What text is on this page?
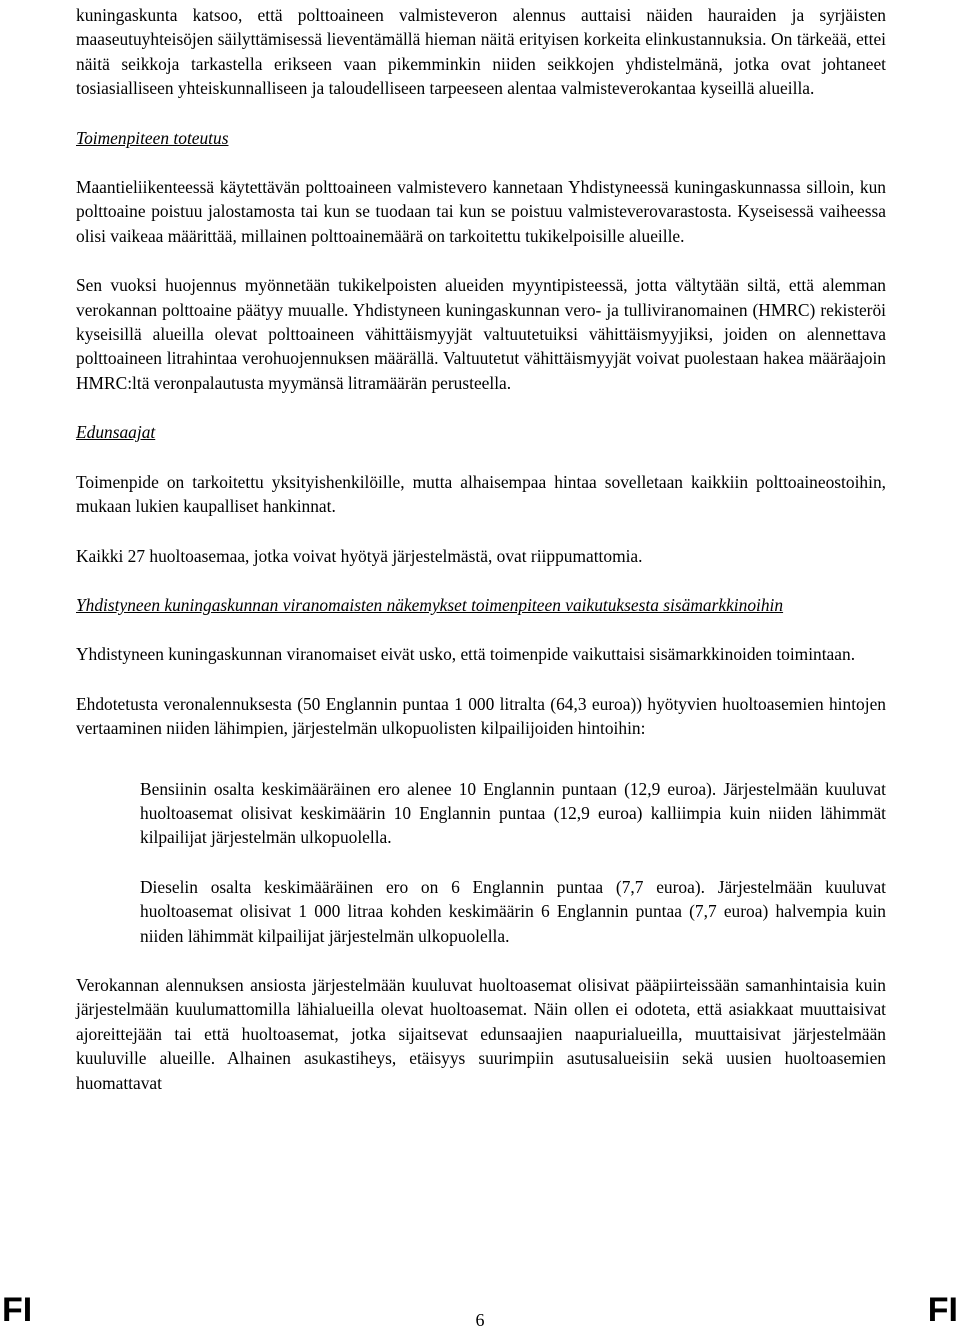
kuningaskunta katsoo, että polttoaineen valmisteveron alennus auttaisi näiden hauraiden ja syrjäisten maaseutuyhteisöjen säilyttämisessä lieventämällä hieman näitä erityisen korkeita elinkustannuksia. On tärkeää, ettei näitä seikkoja tarkastella erikseen vaan pikemminkin niiden seikkojen yhdistelmänä, jotka ovat johtaneet tosiasialliseen yhteiskunnalliseen ja taloudelliseen tarpeeseen alentaa valmisteverokantaa kyseillä alueilla.

Toimenpiteen toteutus

Maantieliikenteessä käytettävän polttoaineen valmistevero kannetaan Yhdistyneessä kuningaskunnassa silloin, kun polttoaine poistuu jalostamosta tai kun se tuodaan tai kun se poistuu valmisteverovarastosta. Kyseisessä vaiheessa olisi vaikeaa määrittää, millainen polttoainemäärä on tarkoitettu tukikelpoisille alueille.

Sen vuoksi huojennus myönnetään tukikelpoisten alueiden myyntipisteessä, jotta vältytään siltä, että alemman verokannan polttoaine päätyy muualle. Yhdistyneen kuningaskunnan vero- ja tulliviranomainen (HMRC) rekisteröi kyseisillä alueilla olevat polttoaineen vähittäismyyjät valtuutetuiksi vähittäismyyjiksi, joiden on alennettava polttoaineen litrahintaa verohuojennuksen määrällä. Valtuutetut vähittäismyyjät voivat puolestaan hakea määräajoin HMRC:ltä veronpalautusta myymänsä litramäärän perusteella.

Edunsaajat

Toimenpide on tarkoitettu yksityishenkilöille, mutta alhaisempaa hintaa sovelletaan kaikkiin polttoaineostoihin, mukaan lukien kaupalliset hankinnat.

Kaikki 27 huoltoasemaa, jotka voivat hyötyä järjestelmästä, ovat riippumattomia.

Yhdistyneen kuningaskunnan viranomaisten näkemykset toimenpiteen vaikutuksesta sisämarkkinoihin

Yhdistyneen kuningaskunnan viranomaiset eivät usko, että toimenpide vaikuttaisi sisämarkkinoiden toimintaan.

Ehdotetusta veronalennuksesta (50 Englannin puntaa 1 000 litralta (64,3 euroa)) hyötyvien huoltoasemien hintojen vertaaminen niiden lähimpien, järjestelmän ulkopuolisten kilpailijoiden hintoihin:

Bensiinin osalta keskimääräinen ero alenee 10 Englannin puntaan (12,9 euroa). Järjestelmään kuuluvat huoltoasemat olisivat keskimäärin 10 Englannin puntaa (12,9 euroa) kalliimpia kuin niiden lähimmät kilpailijat järjestelmän ulkopuolella.

Dieselin osalta keskimääräinen ero on 6 Englannin puntaa (7,7 euroa). Järjestelmään kuuluvat huoltoasemat olisivat 1 000 litraa kohden keskimäärin 6 Englannin puntaa (7,7 euroa) halvempia kuin niiden lähimmät kilpailijat järjestelmän ulkopuolella.

Verokannan alennuksen ansiosta järjestelmään kuuluvat huoltoasemat olisivat pääpiirteissään samanhintaisia kuin järjestelmään kuulumattomilla lähialueilla olevat huoltoasemat. Näin ollen ei odoteta, että asiakkaat muuttaisivat ajoreittejään tai että huoltoasemat, jotka sijaitsevat edunsaajien naapurialueilla, muuttaisivat järjestelmään kuuluville alueille. Alhainen asukastiheys, etäisyys suurimpiin asutusalueisiin sekä uusien huoltoasemien huomattavat

FI	6	FI
